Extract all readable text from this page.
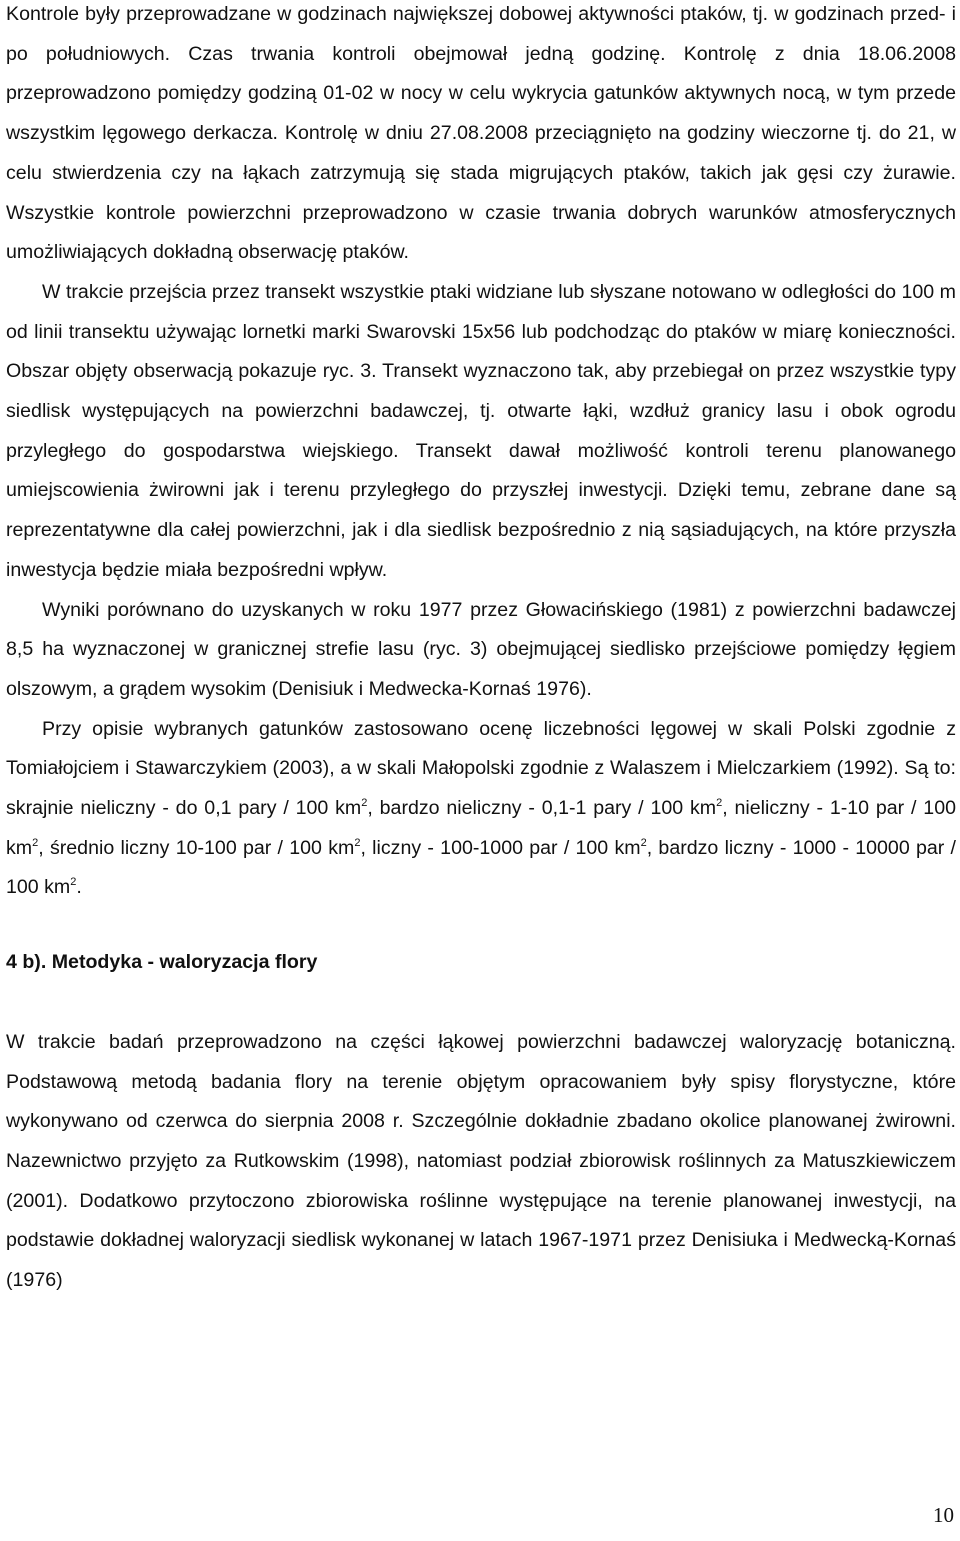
Kontrole były przeprowadzane w godzinach największej dobowej aktywności ptaków, tj. w godzinach przed- i po południowych. Czas trwania kontroli obejmował jedną godzinę. Kontrolę z dnia 18.06.2008 przeprowadzono pomiędzy godziną 01-02 w nocy w celu wykrycia gatunków aktywnych nocą, w tym przede wszystkim lęgowego derkacza. Kontrolę w dniu 27.08.2008 przeciągnięto na godziny wieczorne tj. do 21, w celu stwierdzenia czy na łąkach zatrzymują się stada migrujących ptaków, takich jak gęsi czy żurawie. Wszystkie kontrole powierzchni przeprowadzono w czasie trwania dobrych warunków atmosferycznych umożliwiających dokładną obserwację ptaków.

W trakcie przejścia przez transekt wszystkie ptaki widziane lub słyszane notowano w odległości do 100 m od linii transektu używając lornetki marki Swarovski 15x56 lub podchodząc do ptaków w miarę konieczności. Obszar objęty obserwacją pokazuje ryc. 3. Transekt wyznaczono tak, aby przebiegał on przez wszystkie typy siedlisk występujących na powierzchni badawczej, tj. otwarte łąki, wzdłuż granicy lasu i obok ogrodu przyległego do gospodarstwa wiejskiego. Transekt dawał możliwość kontroli terenu planowanego umiejscowienia żwirowni jak i terenu przyległego do przyszłej inwestycji. Dzięki temu, zebrane dane są reprezentatywne dla całej powierzchni, jak i dla siedlisk bezpośrednio z nią sąsiadujących, na które przyszła inwestycja będzie miała bezpośredni wpływ.

Wyniki porównano do uzyskanych w roku 1977 przez Głowacińskiego (1981) z powierzchni badawczej 8,5 ha wyznaczonej w granicznej strefie lasu (ryc. 3) obejmującej siedlisko przejściowe pomiędzy łęgiem olszowym, a grądem wysokim (Denisiuk i Medwecka-Kornaś 1976).

Przy opisie wybranych gatunków zastosowano ocenę liczebności lęgowej w skali Polski zgodnie z Tomiałojciem i Stawarczykiem (2003), a w skali Małopolski zgodnie z Walaszem i Mielczarkiem (1992). Są to: skrajnie nieliczny - do 0,1 pary / 100 $km^2$, bardzo nieliczny - 0,1-1 pary / 100 $km^2$, nieliczny - 1-10 par / 100 $km^2$, średnio liczny 10-100 par / 100 $km^2$, liczny - 100-1000 par / 100 $km^2$, bardzo liczny - 1000 - 10000 par / 100 $km^2$.

4 b). Metodyka - waloryzacja flory

W trakcie badań przeprowadzono na części łąkowej powierzchni badawczej waloryzację botaniczną. Podstawową metodą badania flory na terenie objętym opracowaniem były spisy florystyczne, które wykonywano od czerwca do sierpnia 2008 r. Szczególnie dokładnie zbadano okolice planowanej żwirowni. Nazewnictwo przyjęto za Rutkowskim (1998), natomiast podział zbiorowisk roślinnych za Matuszkiewiczem (2001). Dodatkowo przytoczono zbiorowiska roślinne występujące na terenie planowanej inwestycji, na podstawie dokładnej waloryzacji siedlisk wykonanej w latach 1967-1971 przez Denisiuka i Medwecką-Kornaś (1976)

10
